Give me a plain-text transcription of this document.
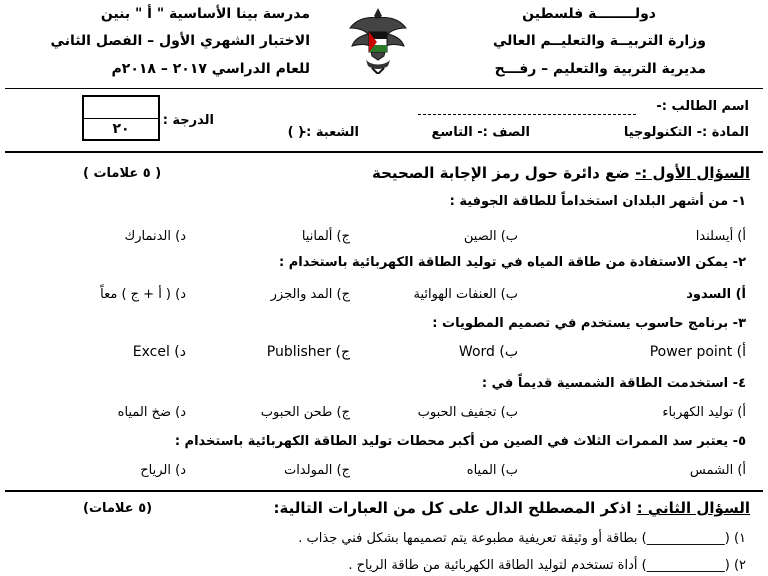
دولــــــــة فلسطين
وزارة التربيــة والتعليــم العالي
مديرية التربية والتعليم – رفـــح
مدرسة بينا الأساسية " أ " بنين
الاختبار الشهري الأول – الفصل الثاني
للعام الدراسي ٢٠١٧ – ٢٠١٨م
اسم الطالب :-
المادة :- التكنولوجيا
الصف :- التاسع
الشعبة :-
( )
الدرجة :
٢٠
السؤال الأول :- ضع دائرة حول رمز الإجابة الصحيحة
( ٥ علامات )
١- من أشهر البلدان استخداماً للطاقة الجوفية :
أ) أيسلندا
ب) الصين
ج) ألمانيا
د) الدنمارك
٢- يمكن الاستفادة من طاقة المياه في توليد الطاقة الكهربائية باستخدام :
أ) السدود
ب) العنفات الهوائية
ج) المد والجزر
د) ( أ + ج ) معاً
٣- برنامج حاسوب يستخدم في تصميم المطويات :
أ) Power point
ب) Word
ج) Publisher
د) Excel
٤- استخدمت الطاقة الشمسية قديماً في :
أ) توليد الكهرباء
ب) تجفيف الحبوب
ج) طحن الحبوب
د) ضخ المياه
٥- يعتبر سد الممرات الثلاث في الصين من أكبر محطات توليد الطاقة الكهربائية باستخدام :
أ) الشمس
ب) المياه
ج) المولدات
د) الرياح
السؤال الثاني : اذكر المصطلح الدال على كل من العبارات التالية:
(٥ علامات)
١) (____________) بطاقة أو وثيقة تعريفية مطبوعة يتم تصميمها بشكل فني جذاب .
٢) (____________) أداة تستخدم لتوليد الطاقة الكهربائية من طاقة الرياح .
